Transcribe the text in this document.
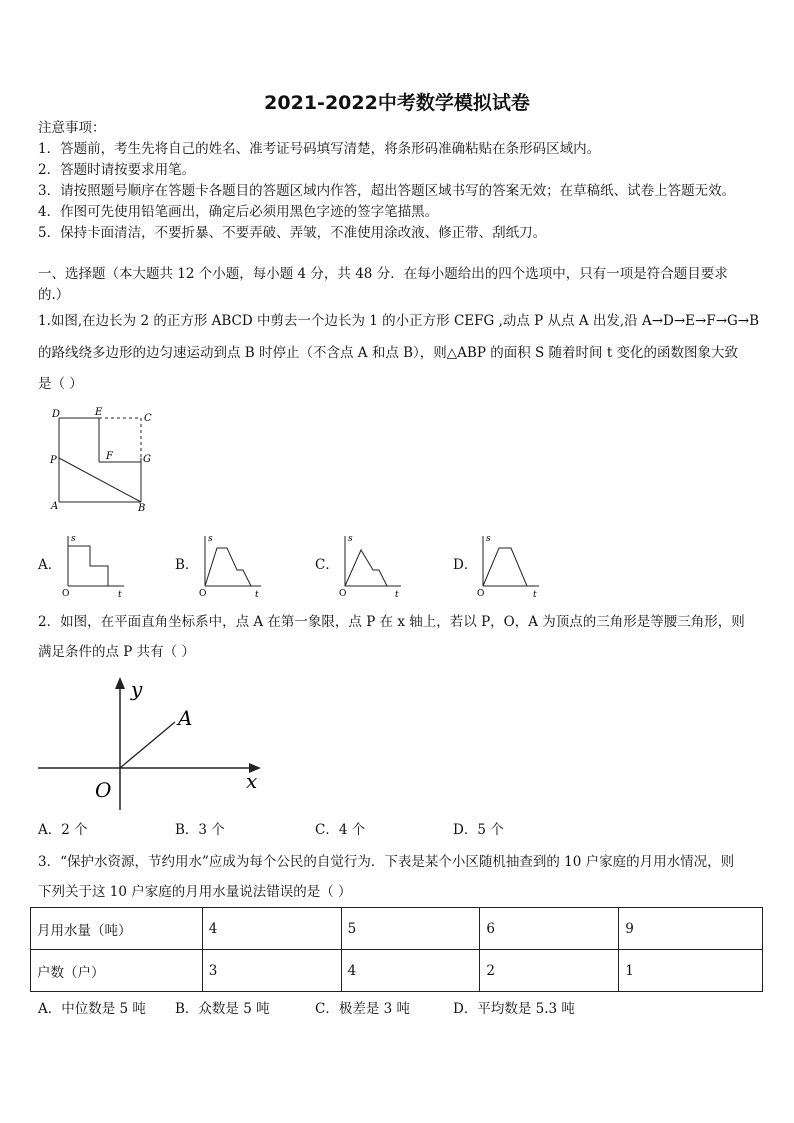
2021-2022中考数学模拟试卷
注意事项：
1．答题前，考生先将自己的姓名、准考证号码填写清楚，将条形码准确粘贴在条形码区域内。
2．答题时请按要求用笔。
3．请按照题号顺序在答题卡各题目的答题区域内作答，超出答题区域书写的答案无效；在草稿纸、试卷上答题无效。
4．作图可先使用铅笔画出，确定后必须用黑色字迹的签字笔描黑。
5．保持卡面清洁，不要折暴、不要弄破、弄皱，不准使用涂改液、修正带、刮纸刀。
一、选择题（本大题共 12 个小题，每小题 4 分，共 48 分．在每小题给出的四个选项中，只有一项是符合题目要求
的.）
1.如图,在边长为 2 的正方形 ABCD 中剪去一个边长为 1 的小正方形 CEFG ,动点 P 从点 A 出发,沿 A→D→E→F→G→B
的路线绕多边形的边匀速运动到点 B 时停止（不含点 A 和点 B），则△ABP 的面积 S 随着时间 t 变化的函数图象大致
是（ ）
D	E
C
P	F	G
A	B
A．
s
O	t
B．
s
O	t
C．
s
O	t
D．
s
O	t
2．如图，在平面直角坐标系中，点 A 在第一象限，点 P 在 x 轴上，若以 P，O，A 为顶点的三角形是等腰三角形，则
满足条件的点 P 共有（ ）
y
A
O	x
A．2 个	B．3 个	C．4 个	D．5 个
3．“保护水资源，节约用水”应成为每个公民的自觉行为．下表是某个小区随机抽查到的 10 户家庭的月用水情况，则
下列关于这 10 户家庭的月用水量说法错误的是（ ）
月用水量（吨）	4	5	6	9
户数（户）	3	4	2	1
A．中位数是 5 吨 B．众数是 5 吨	C．极差是 3 吨	D．平均数是 5.3 吨
